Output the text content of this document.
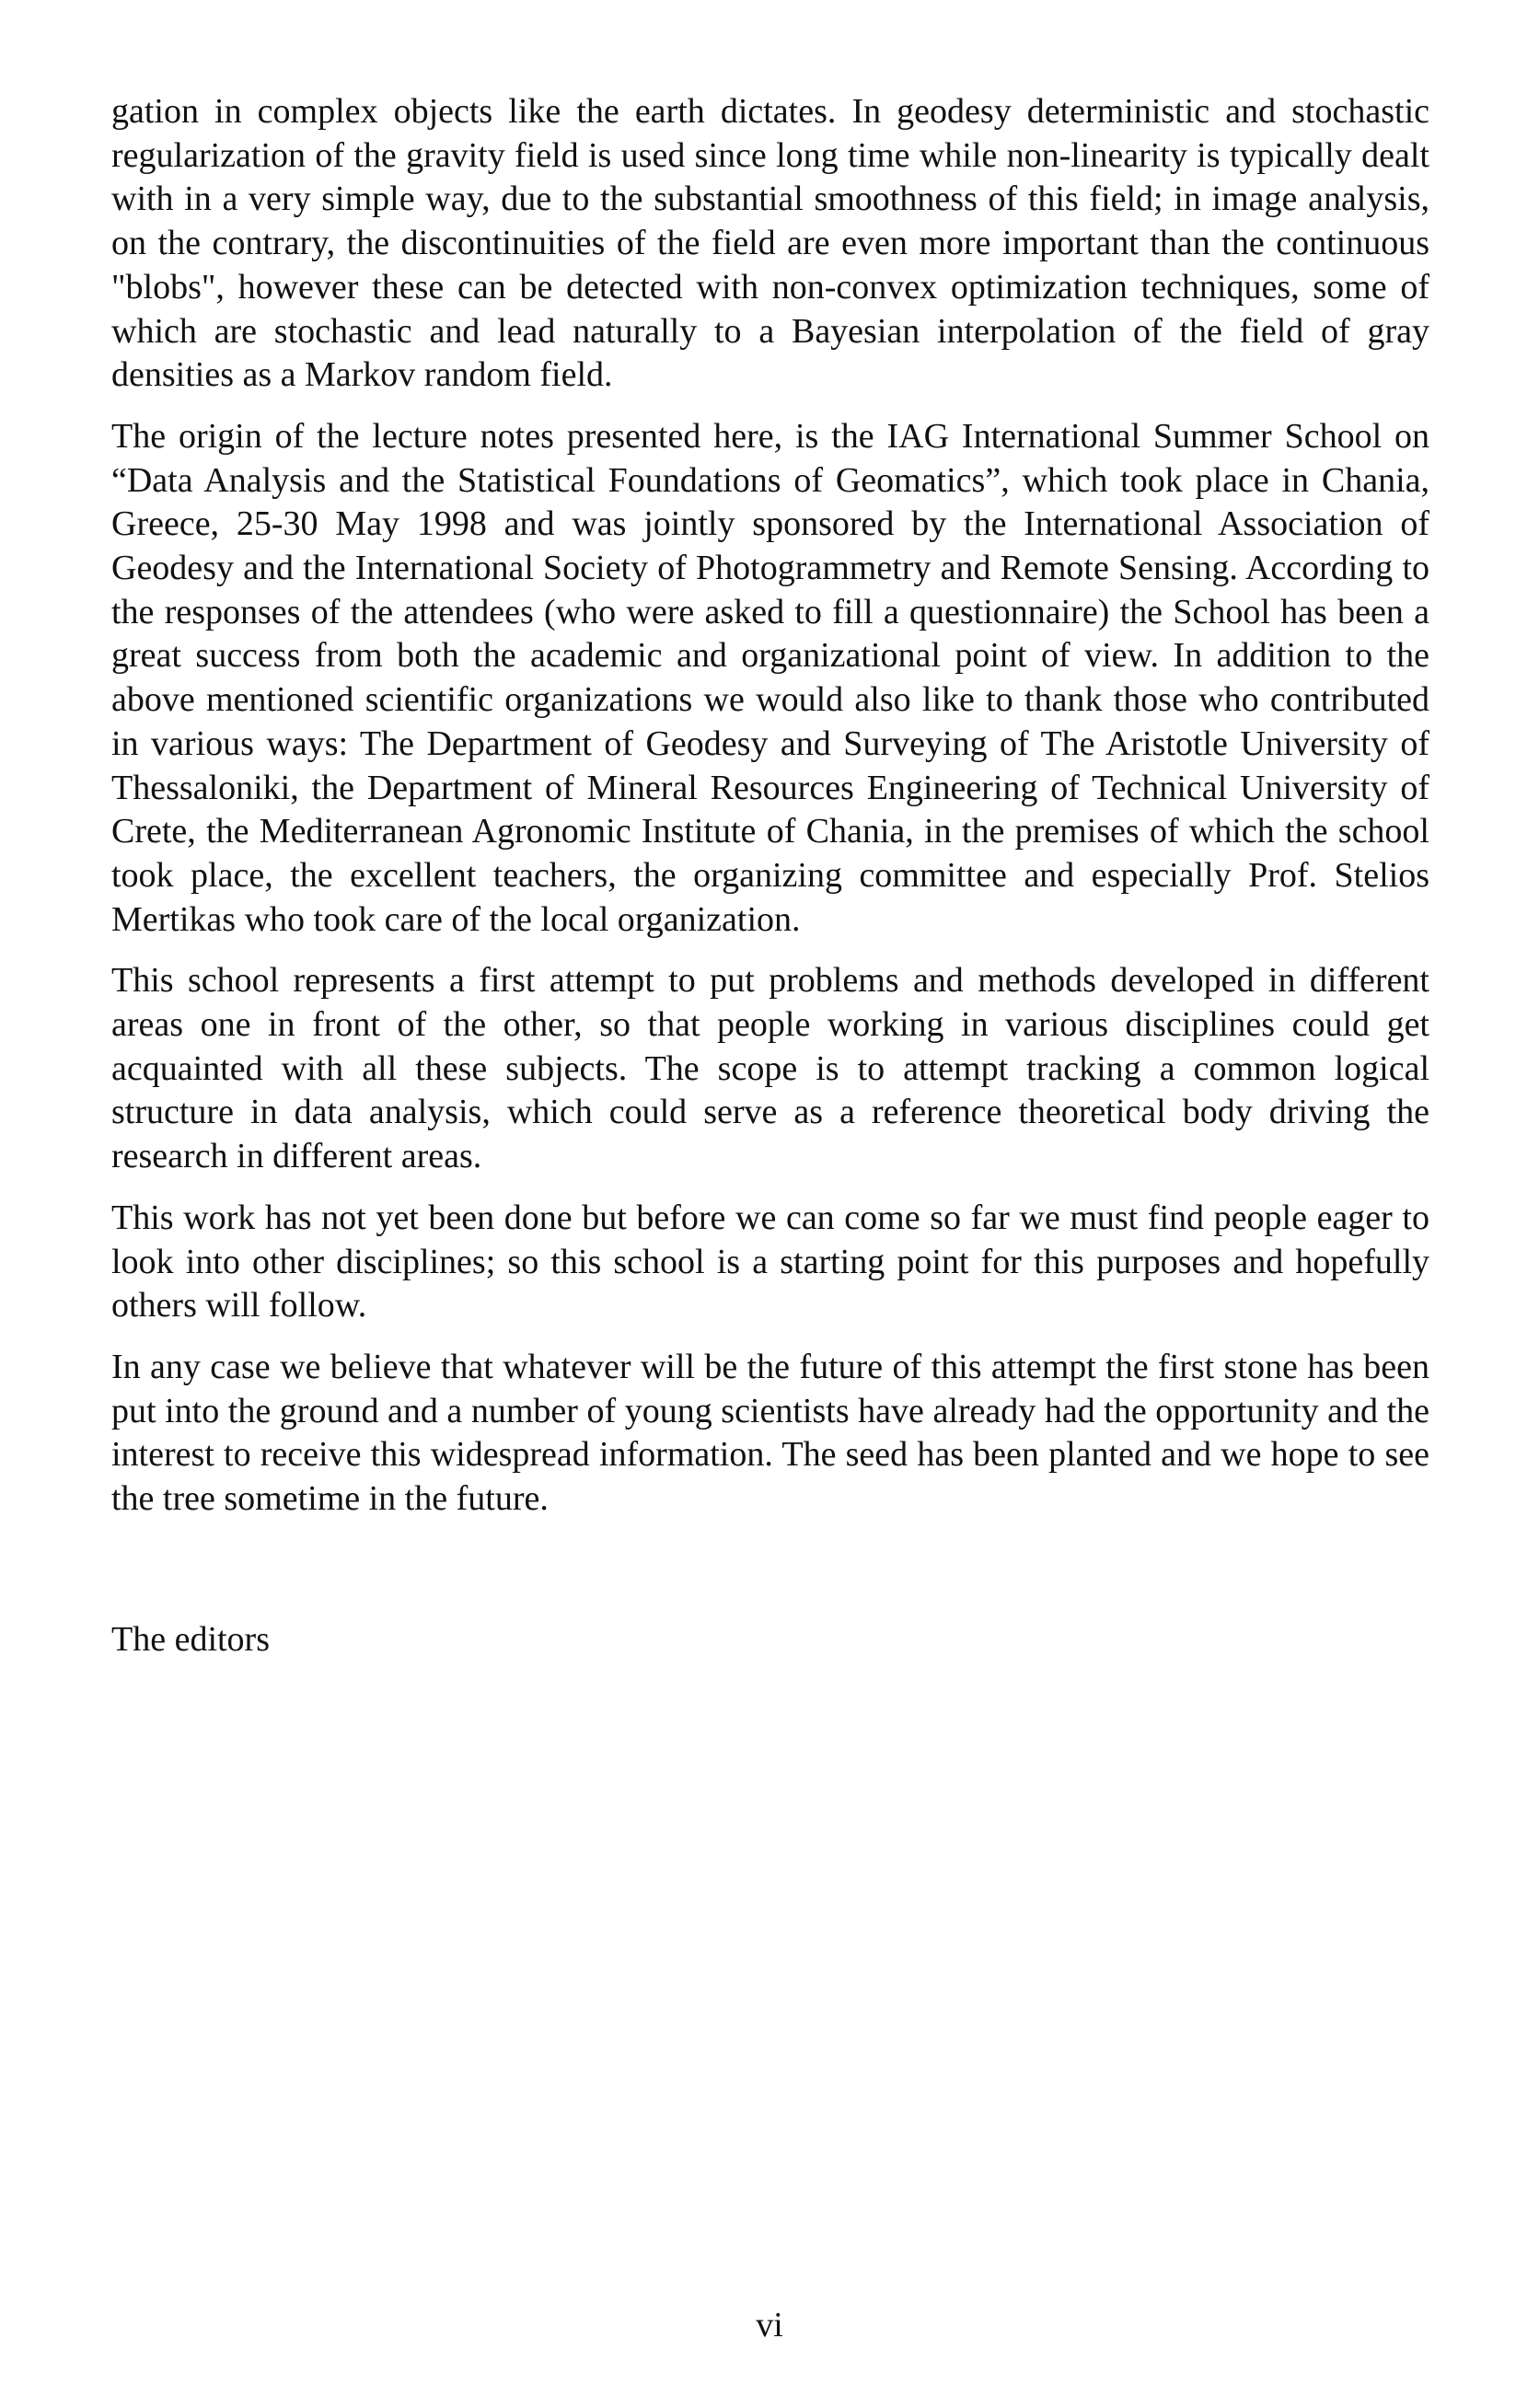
gation in complex objects like the earth dictates. In geodesy deterministic and stochastic regularization of the gravity field is used since long time while non-linearity is typically dealt with in a very simple way, due to the substantial smoothness of this field; in image analysis, on the contrary, the discontinuities of the field are even more important than the continuous "blobs", however these can be detected with non-convex optimization techniques, some of which are stochastic and lead naturally to a Bayesian interpolation of the field of gray densities as a Markov random field.

The origin of the lecture notes presented here, is the IAG International Summer School on “Data Analysis and the Statistical Foundations of Geomatics”, which took place in Chania, Greece, 25-30 May 1998 and was jointly sponsored by the International Association of Geodesy and the International Society of Photogrammetry and Remote Sensing. According to the responses of the attendees (who were asked to fill a questionnaire) the School has been a great success from both the academic and organizational point of view. In addition to the above mentioned scientific organizations we would also like to thank those who contributed in various ways: The Department of Geodesy and Surveying of The Aristotle University of Thessaloniki, the Department of Mineral Resources Engineering of Technical University of Crete, the Mediterranean Agronomic Institute of Chania, in the premises of which the school took place, the excellent teachers, the organizing committee and especially Prof. Stelios Mertikas who took care of the local organization.

This school represents a first attempt to put problems and methods developed in different areas one in front of the other, so that people working in various disciplines could get acquainted with all these subjects. The scope is to attempt tracking a common logical structure in data analysis, which could serve as a reference theoretical body driving the research in different areas.

This work has not yet been done but before we can come so far we must find people eager to look into other disciplines; so this school is a starting point for this purposes and hopefully others will follow.

In any case we believe that whatever will be the future of this attempt the first stone has been put into the ground and a number of young scientists have already had the opportunity and the interest to receive this widespread information. The seed has been planted and we hope to see the tree sometime in the future.

The editors

vi
